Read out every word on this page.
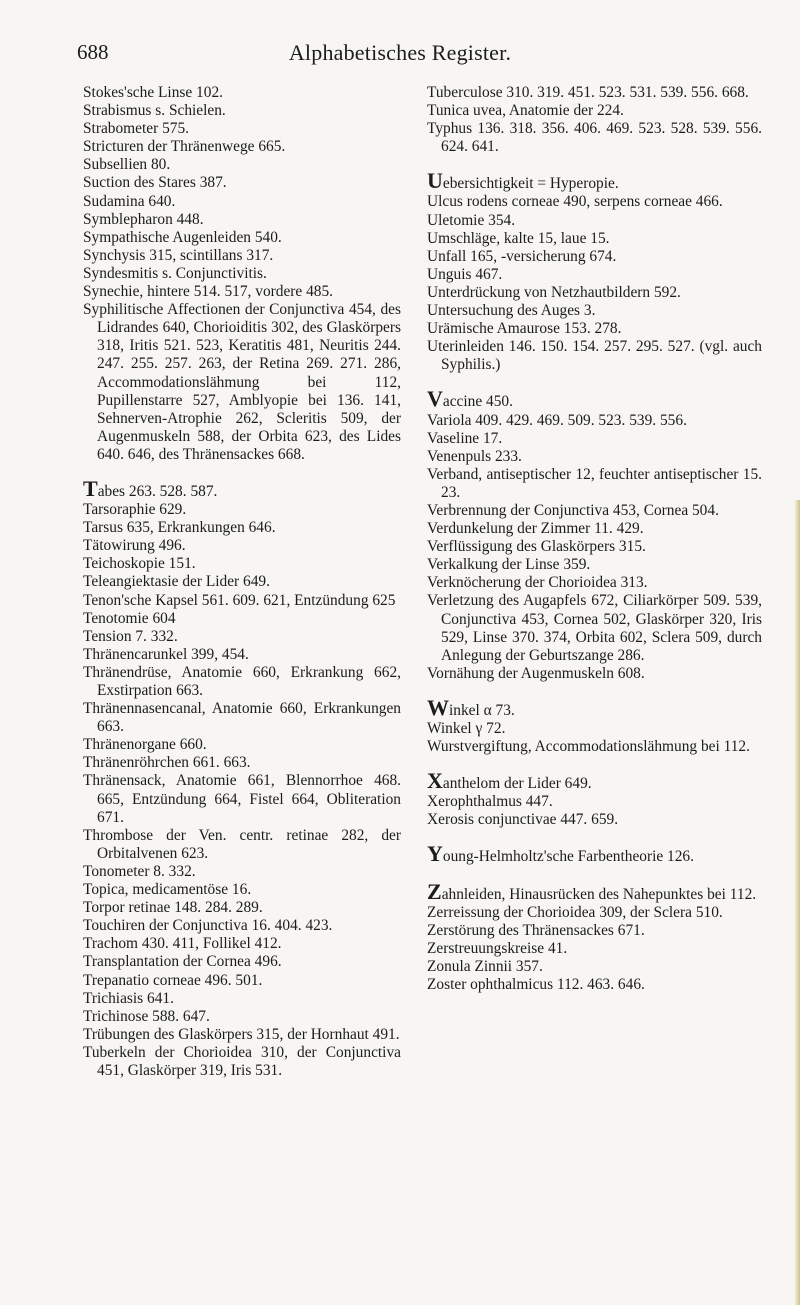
688	Alphabetisches Register.

Stokes'sche Linse 102.

Strabismus s. Schielen.

Strabometer 575.

Stricturen der Thränenwege 665.

Subsellien 80.

Suction des Stares 387.

Sudamina 640.

Symblepharon 448.

Sympathische Augenleiden 540.

Synchysis 315, scintillans 317.

Syndesmitis s. Conjunctivitis.

Synechie, hintere 514. 517, vordere 485.

Syphilitische Affectionen der Conjunctiva 454, des Lidrandes 640, Chorioiditis 302, des Glaskörpers 318, Iritis 521. 523, Keratitis 481, Neuritis 244. 247. 255. 257. 263, der Retina 269. 271. 286, Accommodationslähmung bei 112, Pupillenstarre 527, Amblyopie bei 136. 141, Sehnerven-Atrophie 262, Scleritis 509, der Augenmuskeln 588, der Orbita 623, des Lides 640. 646, des Thränensackes 668.

Tabes 263. 528. 587.

Tarsoraphie 629.

Tarsus 635, Erkrankungen 646.

Tätowirung 496.

Teichoskopie 151.

Teleangiektasie der Lider 649.

Tenon'sche Kapsel 561. 609. 621, Entzündung 625

Tenotomie 604

Tension 7. 332.

Thränencarunkel 399, 454.

Thränendrüse, Anatomie 660, Erkrankung 662, Exstirpation 663.

Thränennasencanal, Anatomie 660, Erkrankungen 663.

Thränenorgane 660.

Thränenröhrchen 661. 663.

Thränensack, Anatomie 661, Blennorrhoe 468. 665, Entzündung 664, Fistel 664, Obliteration 671.

Thrombose der Ven. centr. retinae 282, der Orbitalvenen 623.

Tonometer 8. 332.

Topica, medicamentöse 16.

Torpor retinae 148. 284. 289.

Touchiren der Conjunctiva 16. 404. 423.

Trachom 430. 411, Follikel 412.

Transplantation der Cornea 496.

Trepanatio corneae 496. 501.

Trichiasis 641.

Trichinose 588. 647.

Trübungen des Glaskörpers 315, der Hornhaut 491.

Tuberkeln der Chorioidea 310, der Conjunctiva 451, Glaskörper 319, Iris 531.

Tuberculose 310. 319. 451. 523. 531. 539. 556. 668.

Tunica uvea, Anatomie der 224.

Typhus 136. 318. 356. 406. 469. 523. 528. 539. 556. 624. 641.

Uebersichtigkeit = Hyperopie.

Ulcus rodens corneae 490, serpens corneae 466.

Uletomie 354.

Umschläge, kalte 15, laue 15.

Unfall 165, -versicherung 674.

Unguis 467.

Unterdrückung von Netzhautbildern 592.

Untersuchung des Auges 3.

Urämische Amaurose 153. 278.

Uterinleiden 146. 150. 154. 257. 295. 527. (vgl. auch Syphilis.)

Vaccine 450.

Variola 409. 429. 469. 509. 523. 539. 556.

Vaseline 17.

Venenpuls 233.

Verband, antiseptischer 12, feuchter antiseptischer 15. 23.

Verbrennung der Conjunctiva 453, Cornea 504.

Verdunkelung der Zimmer 11. 429.

Verflüssigung des Glaskörpers 315.

Verkalkung der Linse 359.

Verknöcherung der Chorioidea 313.

Verletzung des Augapfels 672, Ciliarkörper 509. 539, Conjunctiva 453, Cornea 502, Glaskörper 320, Iris 529, Linse 370. 374, Orbita 602, Sclera 509, durch Anlegung der Geburtszange 286.

Vornähung der Augenmuskeln 608.

Winkel α 73.

Winkel γ 72.

Wurstvergiftung, Accommodationslähmung bei 112.

Xanthelom der Lider 649.

Xerophthalmus 447.

Xerosis conjunctivae 447. 659.

Young-Helmholtz'sche Farbentheorie 126.

Zahnleiden, Hinausrücken des Nahepunktes bei 112.

Zerreissung der Chorioidea 309, der Sclera 510.

Zerstörung des Thränensackes 671.

Zerstreuungskreise 41.

Zonula Zinnii 357.

Zoster ophthalmicus 112. 463. 646.
